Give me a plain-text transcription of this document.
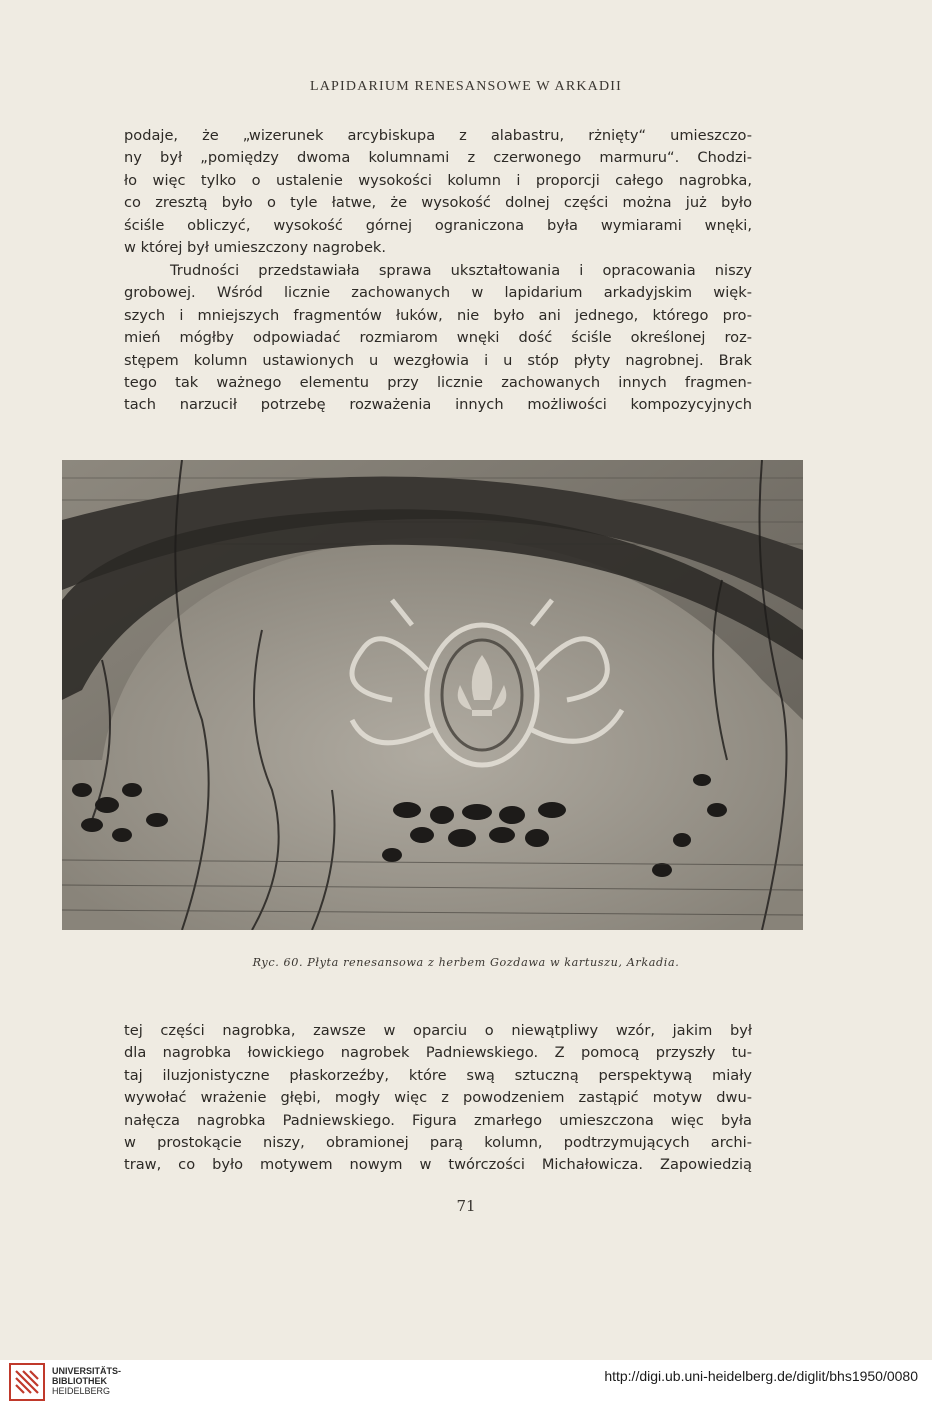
LAPIDARIUM RENESANSOWE W ARKADII
podaje, że „wizerunek arcybiskupa z alabastru, rżnięty“ umieszczo-
ny był „pomiędzy dwoma kolumnami z czerwonego marmuru“. Chodzi-
ło więc tylko o ustalenie wysokości kolumn i proporcji całego nagrobka,
co zresztą było o tyle łatwe, że wysokość dolnej części można już było
ściśle obliczyć, wysokość górnej ograniczona była wymiarami wnęki,
w której był umieszczony nagrobek.
Trudności przedstawiała sprawa ukształtowania i opracowania niszy
grobowej. Wśród licznie zachowanych w lapidarium arkadyjskim więk-
szych i mniejszych fragmentów łuków, nie było ani jednego, którego pro-
mień mógłby odpowiadać rozmiarom wnęki dość ściśle określonej roz-
stępem kolumn ustawionych u wezgłowia i u stóp płyty nagrobnej. Brak
tego tak ważnego elementu przy licznie zachowanych innych fragmen-
tach narzucił potrzebę rozważenia innych możliwości kompozycyjnych
Ryc. 60. Płyta renesansowa z herbem Gozdawa w kartuszu, Arkadia.
tej części nagrobka, zawsze w oparciu o niewątpliwy wzór, jakim był
dla nagrobka łowickiego nagrobek Padniewskiego. Z pomocą przyszły tu-
taj iluzjonistyczne płaskorzeźby, które swą sztuczną perspektywą miały
wywołać wrażenie głębi, mogły więc z powodzeniem zastąpić motyw dwu-
nałęcza nagrobka Padniewskiego. Figura zmarłego umieszczona więc była
w prostokącie niszy, obramionej parą kolumn, podtrzymujących archi-
traw, co było motywem nowym w twórczości Michałowicza. Zapowiedzią
71
UNIVERSITÄTS-
BIBLIOTHEK
HEIDELBERG
http://digi.ub.uni-heidelberg.de/diglit/bhs1950/0080
